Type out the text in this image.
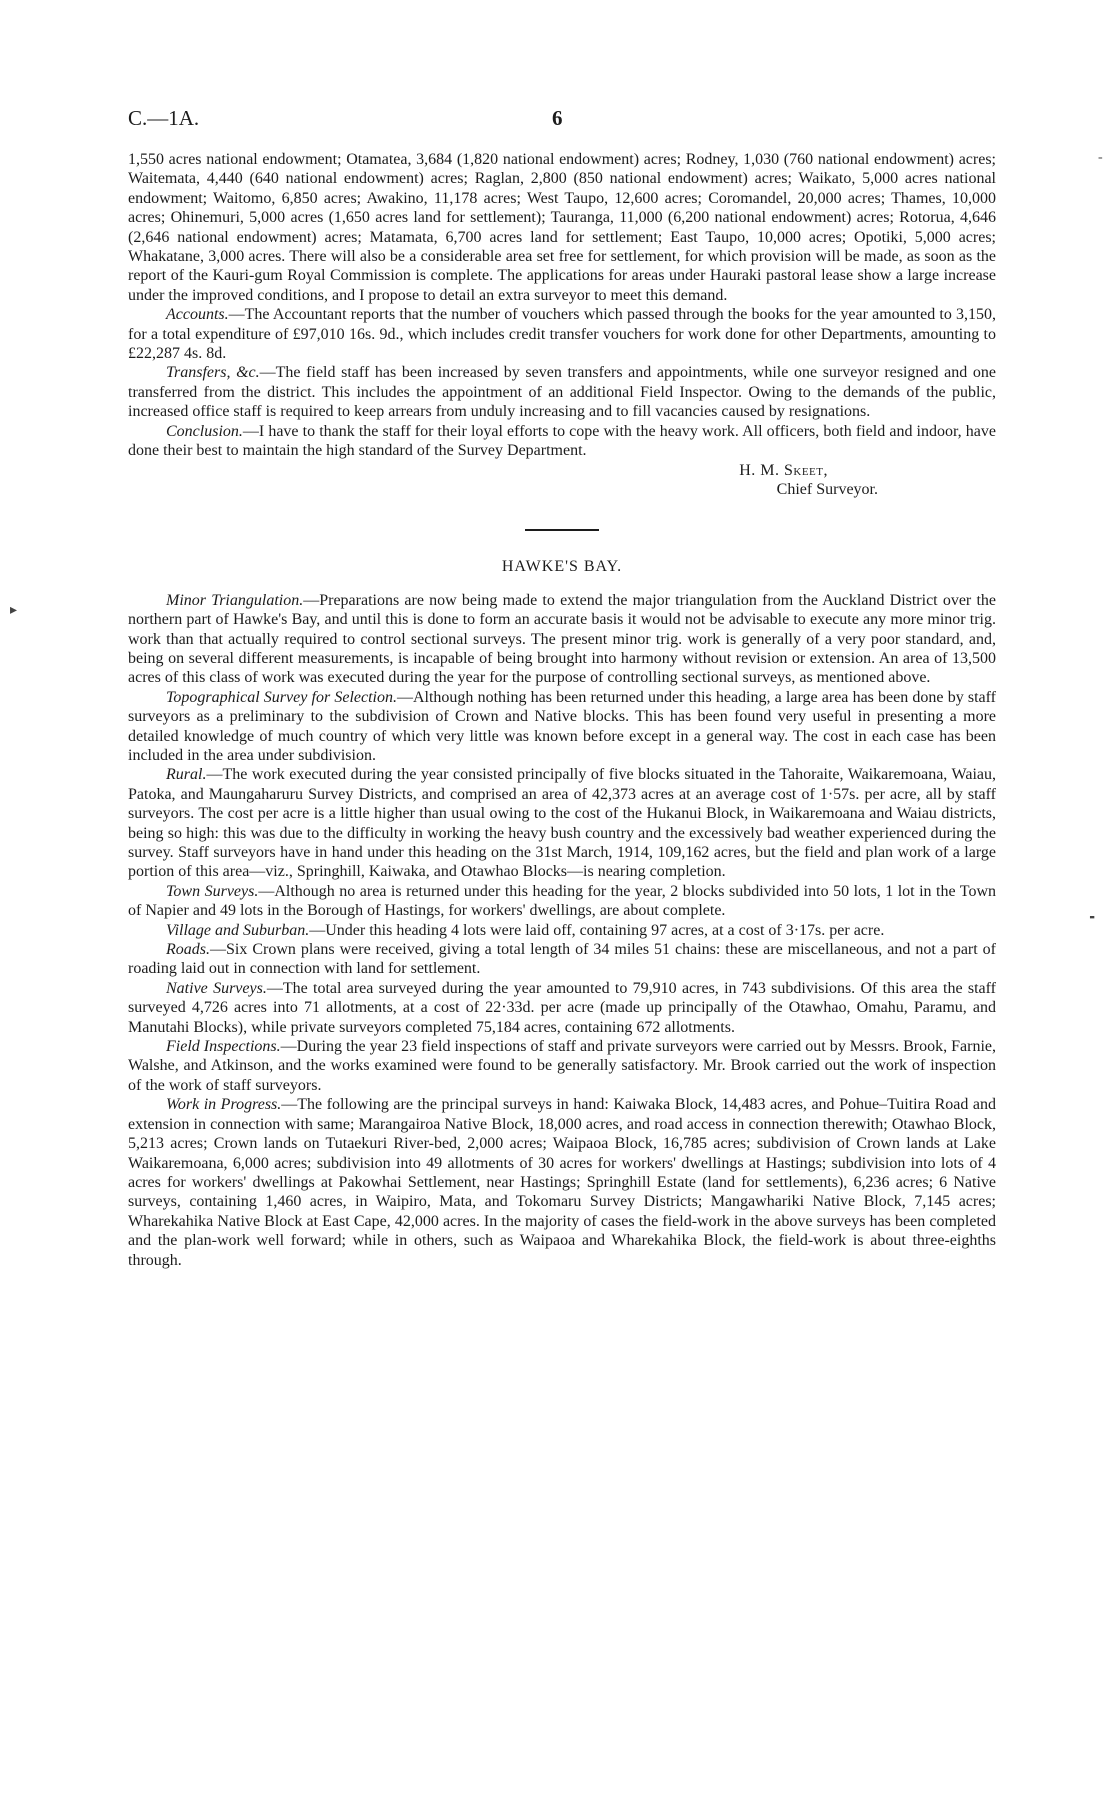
C.—1A.	6
‑
▸
╸

1,550 acres national endowment; Otamatea, 3,684 (1,820 national endowment) acres; Rodney, 1,030 (760 national endowment) acres; Waitemata, 4,440 (640 national endowment) acres; Raglan, 2,800 (850 national endowment) acres; Waikato, 5,000 acres national endowment; Waitomo, 6,850 acres; Awakino, 11,178 acres; West Taupo, 12,600 acres; Coromandel, 20,000 acres; Thames, 10,000 acres; Ohinemuri, 5,000 acres (1,650 acres land for settlement); Tauranga, 11,000 (6,200 national endowment) acres; Rotorua, 4,646 (2,646 national endowment) acres; Matamata, 6,700 acres land for settlement; East Taupo, 10,000 acres; Opotiki, 5,000 acres; Whakatane, 3,000 acres. There will also be a considerable area set free for settlement, for which provision will be made, as soon as the report of the Kauri-gum Royal Commission is complete. The applications for areas under Hauraki pastoral lease show a large increase under the improved conditions, and I propose to detail an extra surveyor to meet this demand.

Accounts.—The Accountant reports that the number of vouchers which passed through the books for the year amounted to 3,150, for a total expenditure of £97,010 16s. 9d., which includes credit transfer vouchers for work done for other Departments, amounting to £22,287 4s. 8d.

Transfers, &c.—The field staff has been increased by seven transfers and appointments, while one surveyor resigned and one transferred from the district. This includes the appointment of an additional Field Inspector. Owing to the demands of the public, increased office staff is required to keep arrears from unduly increasing and to fill vacancies caused by resignations.

Conclusion.—I have to thank the staff for their loyal efforts to cope with the heavy work. All officers, both field and indoor, have done their best to maintain the high standard of the Survey Department.

H. M. Skeet,
Chief Surveyor.

HAWKE'S BAY.

Minor Triangulation.—Preparations are now being made to extend the major triangulation from the Auckland District over the northern part of Hawke's Bay, and until this is done to form an accurate basis it would not be advisable to execute any more minor trig. work than that actually required to control sectional surveys. The present minor trig. work is generally of a very poor standard, and, being on several different measurements, is incapable of being brought into harmony without revision or extension. An area of 13,500 acres of this class of work was executed during the year for the purpose of controlling sectional surveys, as mentioned above.

Topographical Survey for Selection.—Although nothing has been returned under this heading, a large area has been done by staff surveyors as a preliminary to the subdivision of Crown and Native blocks. This has been found very useful in presenting a more detailed knowledge of much country of which very little was known before except in a general way. The cost in each case has been included in the area under subdivision.

Rural.—The work executed during the year consisted principally of five blocks situated in the Tahoraite, Waikaremoana, Waiau, Patoka, and Maungaharuru Survey Districts, and comprised an area of 42,373 acres at an average cost of 1·57s. per acre, all by staff surveyors. The cost per acre is a little higher than usual owing to the cost of the Hukanui Block, in Waikaremoana and Waiau districts, being so high: this was due to the difficulty in working the heavy bush country and the excessively bad weather experienced during the survey. Staff surveyors have in hand under this heading on the 31st March, 1914, 109,162 acres, but the field and plan work of a large portion of this area—viz., Springhill, Kaiwaka, and Otawhao Blocks—is nearing completion.

Town Surveys.—Although no area is returned under this heading for the year, 2 blocks subdivided into 50 lots, 1 lot in the Town of Napier and 49 lots in the Borough of Hastings, for workers' dwellings, are about complete.

Village and Suburban.—Under this heading 4 lots were laid off, containing 97 acres, at a cost of 3·17s. per acre.

Roads.—Six Crown plans were received, giving a total length of 34 miles 51 chains: these are miscellaneous, and not a part of roading laid out in connection with land for settlement.

Native Surveys.—The total area surveyed during the year amounted to 79,910 acres, in 743 subdivisions. Of this area the staff surveyed 4,726 acres into 71 allotments, at a cost of 22·33d. per acre (made up principally of the Otawhao, Omahu, Paramu, and Manutahi Blocks), while private surveyors completed 75,184 acres, containing 672 allotments.

Field Inspections.—During the year 23 field inspections of staff and private surveyors were carried out by Messrs. Brook, Farnie, Walshe, and Atkinson, and the works examined were found to be generally satisfactory. Mr. Brook carried out the work of inspection of the work of staff surveyors.

Work in Progress.—The following are the principal surveys in hand: Kaiwaka Block, 14,483 acres, and Pohue–Tuitira Road and extension in connection with same; Marangairoa Native Block, 18,000 acres, and road access in connection therewith; Otawhao Block, 5,213 acres; Crown lands on Tutaekuri River-bed, 2,000 acres; Waipaoa Block, 16,785 acres; subdivision of Crown lands at Lake Waikaremoana, 6,000 acres; subdivision into 49 allotments of 30 acres for workers' dwellings at Hastings; subdivision into lots of 4 acres for workers' dwellings at Pakowhai Settlement, near Hastings; Springhill Estate (land for settlements), 6,236 acres; 6 Native surveys, containing 1,460 acres, in Waipiro, Mata, and Tokomaru Survey Districts; Mangawhariki Native Block, 7,145 acres; Wharekahika Native Block at East Cape, 42,000 acres. In the majority of cases the field-work in the above surveys has been completed and the plan-work well forward; while in others, such as Waipaoa and Wharekahika Block, the field-work is about three-eighths through.
